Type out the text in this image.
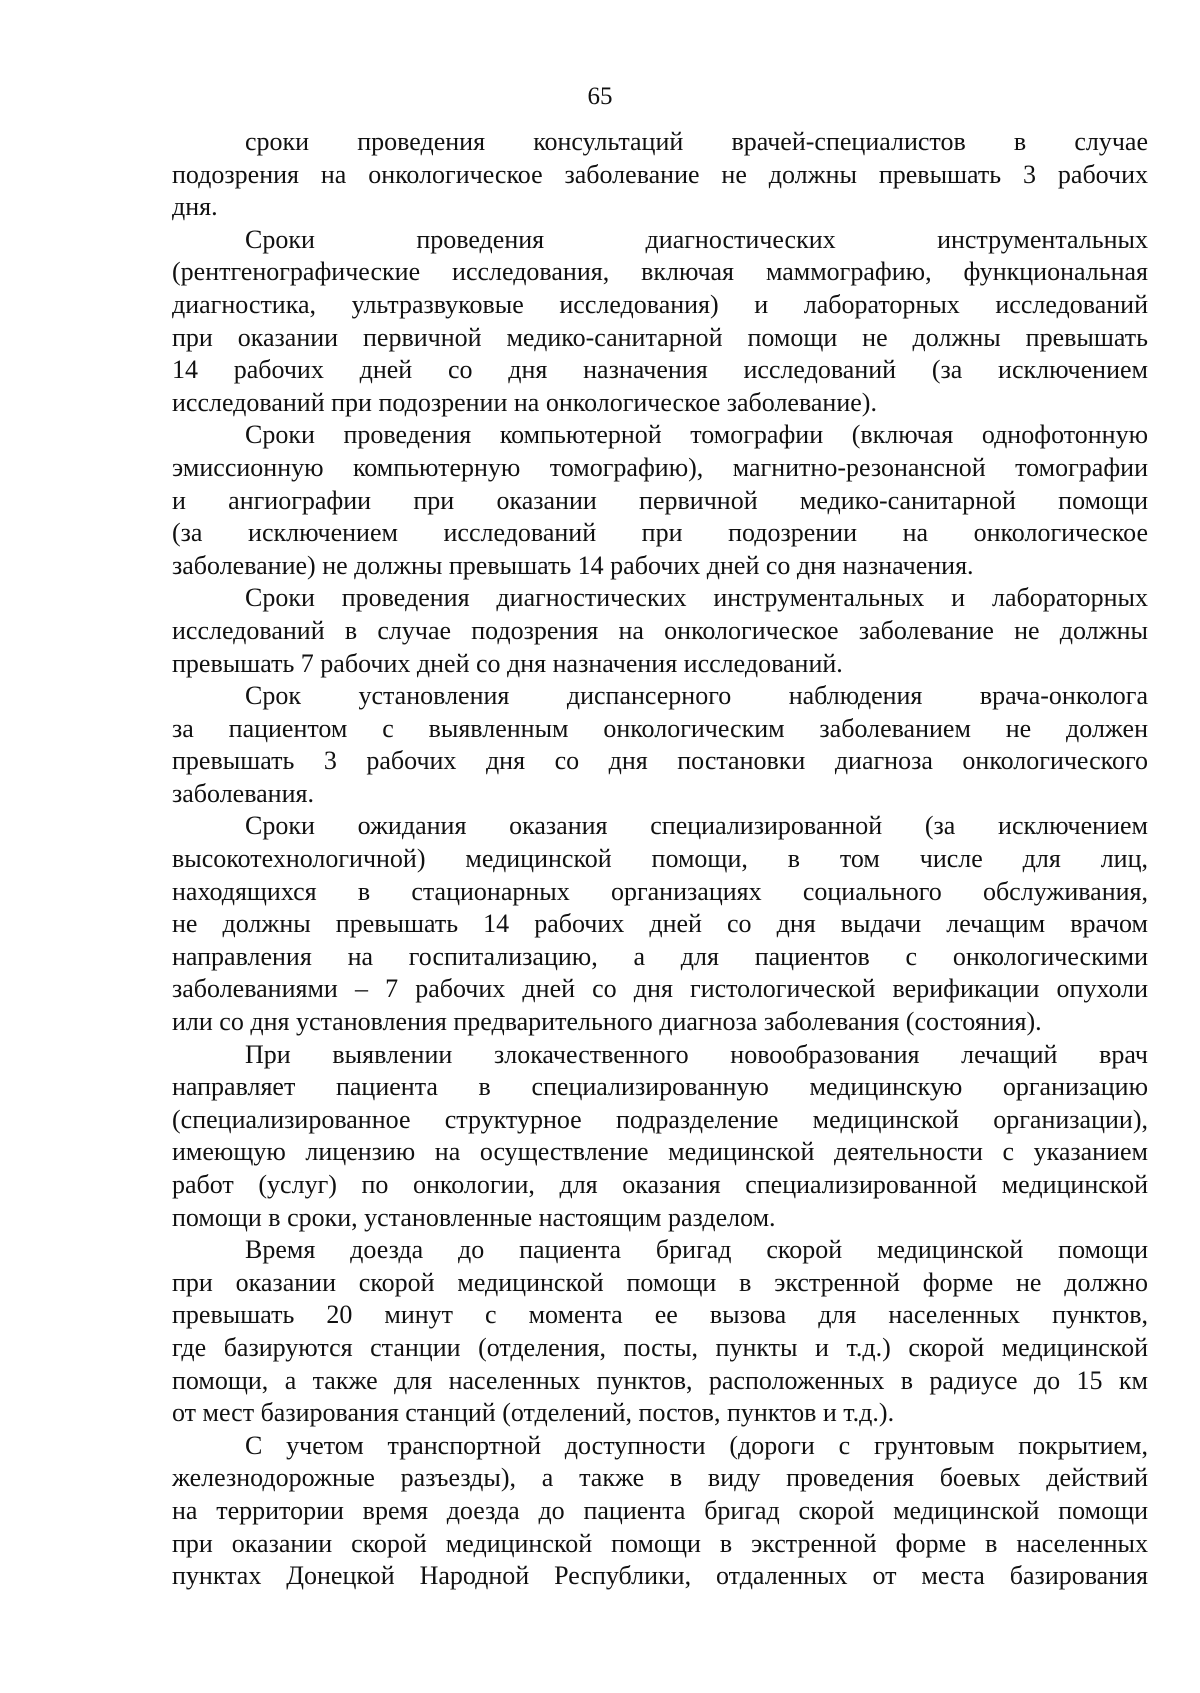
65
сроки проведения консультаций врачей-специалистов в случае
подозрения на онкологическое заболевание не должны превышать 3 рабочих
дня.
Сроки проведения диагностических инструментальных
(рентгенографические исследования, включая маммографию, функциональная
диагностика, ультразвуковые исследования) и лабораторных исследований
при оказании первичной медико-санитарной помощи не должны превышать
14 рабочих дней со дня назначения исследований (за исключением
исследований при подозрении на онкологическое заболевание).
Сроки проведения компьютерной томографии (включая однофотонную
эмиссионную компьютерную томографию), магнитно-резонансной томографии
и ангиографии при оказании первичной медико-санитарной помощи
(за исключением исследований при подозрении на онкологическое
заболевание) не должны превышать 14 рабочих дней со дня назначения.
Сроки проведения диагностических инструментальных и лабораторных
исследований в случае подозрения на онкологическое заболевание не должны
превышать 7 рабочих дней со дня назначения исследований.
Срок установления диспансерного наблюдения врача-онколога
за пациентом с выявленным онкологическим заболеванием не должен
превышать 3 рабочих дня со дня постановки диагноза онкологического
заболевания.
Сроки ожидания оказания специализированной (за исключением
высокотехнологичной) медицинской помощи, в том числе для лиц,
находящихся в стационарных организациях социального обслуживания,
не должны превышать 14 рабочих дней со дня выдачи лечащим врачом
направления на госпитализацию, а для пациентов с онкологическими
заболеваниями – 7 рабочих дней со дня гистологической верификации опухоли
или со дня установления предварительного диагноза заболевания (состояния).
При выявлении злокачественного новообразования лечащий врач
направляет пациента в специализированную медицинскую организацию
(специализированное структурное подразделение медицинской организации),
имеющую лицензию на осуществление медицинской деятельности с указанием
работ (услуг) по онкологии, для оказания специализированной медицинской
помощи в сроки, установленные настоящим разделом.
Время доезда до пациента бригад скорой медицинской помощи
при оказании скорой медицинской помощи в экстренной форме не должно
превышать 20 минут с момента ее вызова для населенных пунктов,
где базируются станции (отделения, посты, пункты и т.д.) скорой медицинской
помощи, а также для населенных пунктов, расположенных в радиусе до 15 км
от мест базирования станций (отделений, постов, пунктов и т.д.).
С учетом транспортной доступности (дороги с грунтовым покрытием,
железнодорожные разъезды), а также в виду проведения боевых действий
на территории время доезда до пациента бригад скорой медицинской помощи
при оказании скорой медицинской помощи в экстренной форме в населенных
пунктах Донецкой Народной Республики, отдаленных от места базирования
